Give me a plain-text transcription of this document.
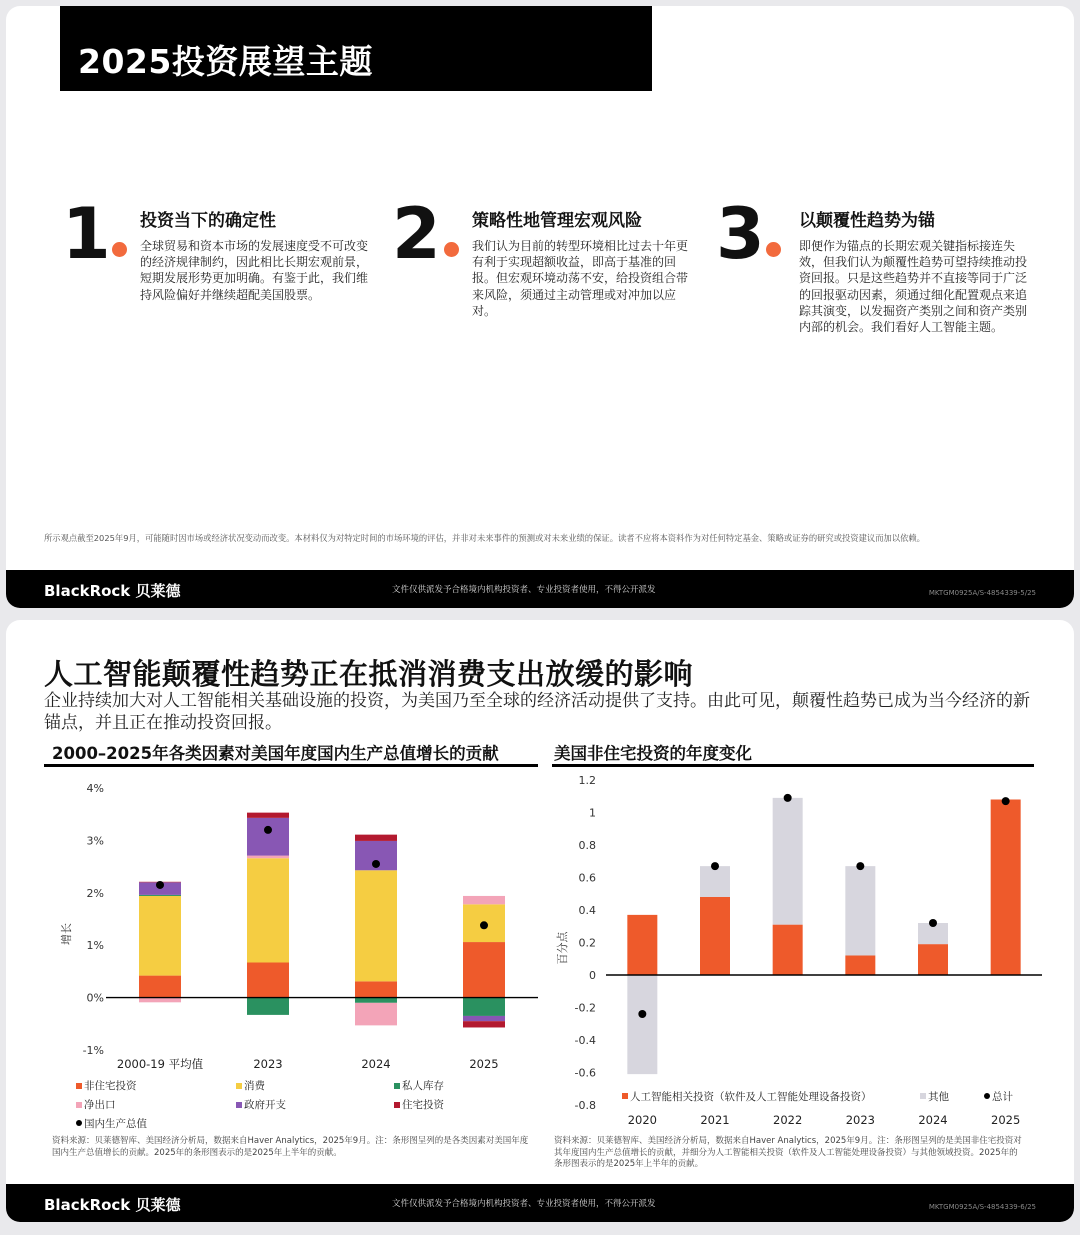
2025投资展望主题
1 投资当下的确定性
全球贸易和资本市场的发展速度受不可改变的经济规律制约，因此相比长期宏观前景，短期发展形势更加明确。有鉴于此，我们维持风险偏好并继续超配美国股票。
2 策略性地管理宏观风险
我们认为目前的转型环境相比过去十年更有利于实现超额收益，即高于基准的回报。但宏观环境动荡不安，给投资组合带来风险，须通过主动管理或对冲加以应对。
3 以颠覆性趋势为锚
即便作为锚点的长期宏观关键指标接连失效，但我们认为颠覆性趋势可望持续推动投资回报。只是这些趋势并不直接等同于广泛的回报驱动因素，须通过细化配置观点来追踪其演变，以发掘资产类别之间和资产类别内部的机会。我们看好人工智能主题。
所示观点截至2025年9月，可能随时因市场或经济状况变动而改变。本材料仅为对特定时间的市场环境的评估，并非对未来事件的预测或对未来业绩的保证。读者不应将本资料作为对任何特定基金、策略或证券的研究或投资建议而加以依赖。
BlackRock 贝莱德	文件仅供派发予合格境内机构投资者、专业投资者使用，不得公开派发	MKTGM0925A/S-4854339-5/25
人工智能颠覆性趋势正在抵消消费支出放缓的影响
企业持续加大对人工智能相关基础设施的投资，为美国乃至全球的经济活动提供了支持。由此可见，颠覆性趋势已成为当今经济的新锚点，并且正在推动投资回报。
2000–2025年各类因素对美国年度国内生产总值增长的贡献	美国非住宅投资的年度变化
-1%
0%
1%
2%
3%
4%
增长
2000-19 平均值	2023	2024	2025
非住宅投资	消费	私人库存
净出口	政府开支	住宅投资
国内生产总值
-0.8
-0.6
-0.4
-0.2
0
0.2
0.4
0.6
0.8
1
1.2
百分点
2020	2021	2022	2023	2024	2025
人工智能相关投资（软件及人工智能处理设备投资）	其他	总计
资料来源：贝莱德智库、美国经济分析局，数据来自Haver Analytics，2025年9月。注：条形图呈列的是各类因素对美国年度国内生产总值增长的贡献。2025年的条形图表示的是2025年上半年的贡献。
资料来源：贝莱德智库、美国经济分析局，数据来自Haver Analytics，2025年9月。注：条形图呈列的是美国非住宅投资对其年度国内生产总值增长的贡献，并细分为人工智能相关投资（软件及人工智能处理设备投资）与其他领域投资。2025年的条形图表示的是2025年上半年的贡献。
BlackRock 贝莱德	文件仅供派发予合格境内机构投资者、专业投资者使用，不得公开派发	MKTGM0925A/S-4854339-6/25
